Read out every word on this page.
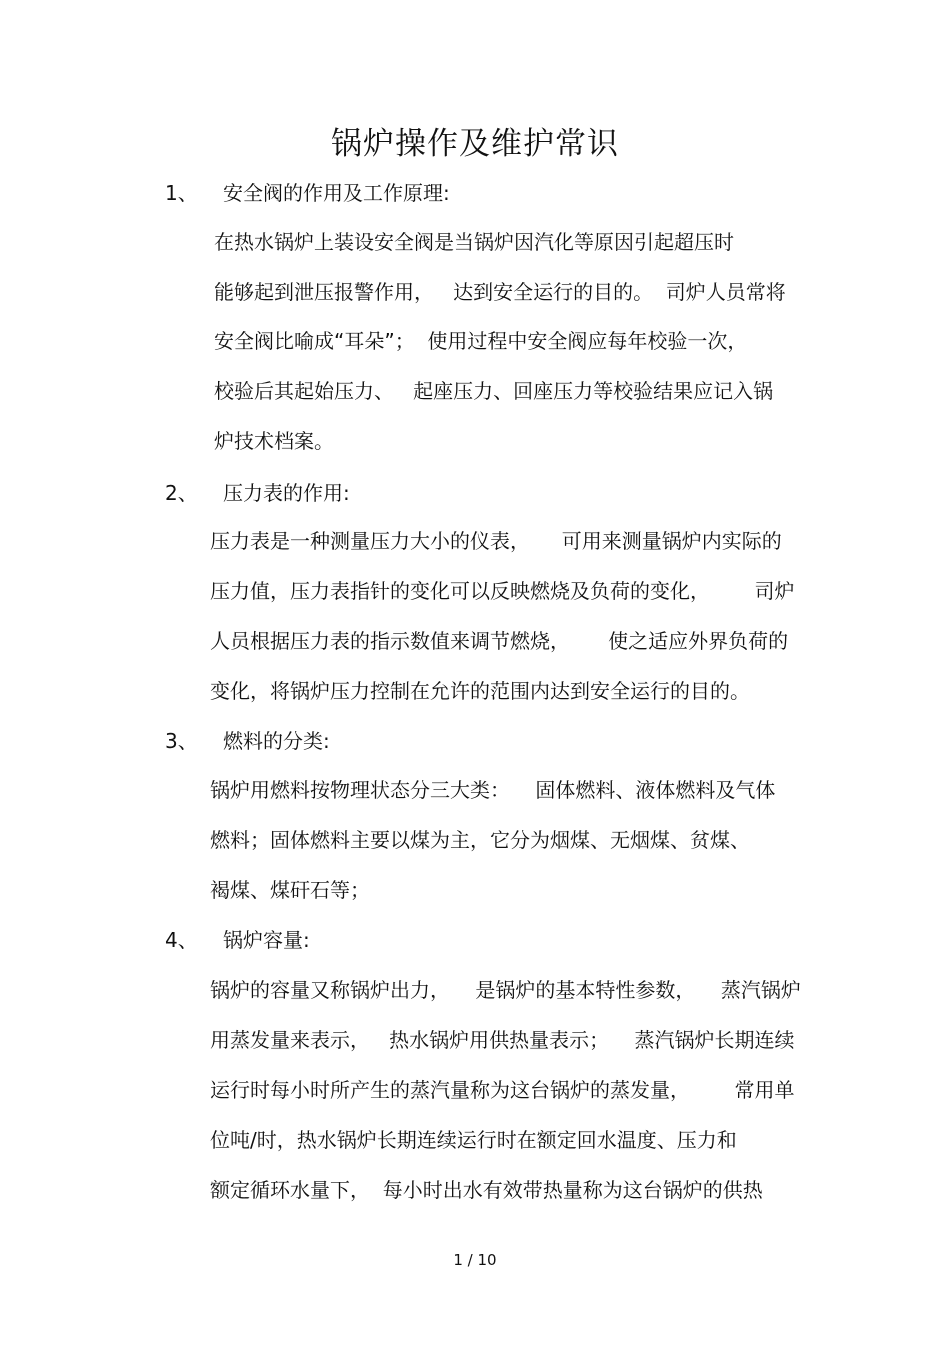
锅炉操作及维护常识
1、 安全阀的作用及工作原理:
在热水锅炉上装设安全阀是当锅炉因汽化等原因引起超压时
能够起到泄压报警作用，   达到安全运行的目的。  司炉人员常将
安全阀比喻成“耳朵”；  使用过程中安全阀应每年校验一次，
校验后其起始压力、   起座压力、回座压力等校验结果应记入锅
炉技术档案。
2、 压力表的作用:
压力表是一种测量压力大小的仪表，     可用来测量锅炉内实际的
压力值，压力表指针的变化可以反映燃烧及负荷的变化，       司炉
人员根据压力表的指示数值来调节燃烧，      使之适应外界负荷的
变化，将锅炉压力控制在允许的范围内达到安全运行的目的。
3、 燃料的分类:
锅炉用燃料按物理状态分三大类：    固体燃料、液体燃料及气体
燃料；固体燃料主要以煤为主，它分为烟煤、无烟煤、贫煤、
褐煤、煤矸石等；
4、 锅炉容量:
锅炉的容量又称锅炉出力，    是锅炉的基本特性参数，    蒸汽锅炉
用蒸发量来表示，   热水锅炉用供热量表示；    蒸汽锅炉长期连续
运行时每小时所产生的蒸汽量称为这台锅炉的蒸发量，       常用单
位吨/时，热水锅炉长期连续运行时在额定回水温度、压力和
额定循环水量下，  每小时出水有效带热量称为这台锅炉的供热
1 / 10
